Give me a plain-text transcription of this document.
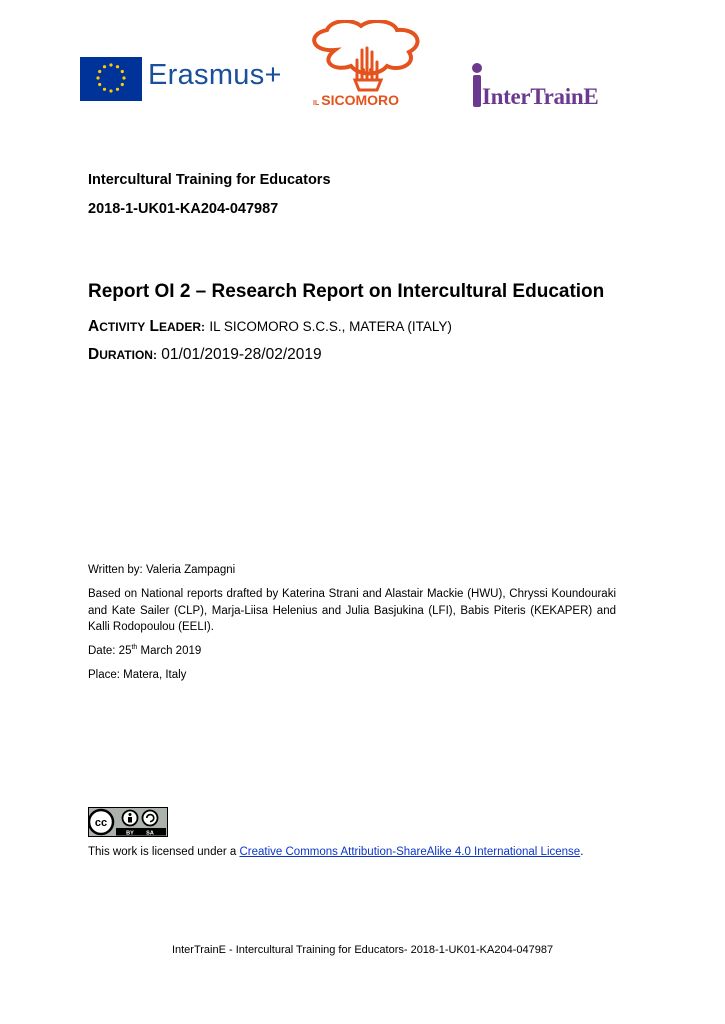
Erasmus+
IL SICOMORO	InterTrainE
Intercultural Training for Educators
2018-1-UK01-KA204-047987
Report OI 2 – Research Report on Intercultural Education
ACTIVITY LEADER: IL SICOMORO S.C.S., MATERA (ITALY)
DURATION: 01/01/2019-28/02/2019
Written by: Valeria Zampagni
Based on National reports drafted by Katerina Strani and Alastair Mackie (HWU), Chryssi Koundouraki and Kate Sailer (CLP), Marja-Liisa Helenius and Julia Basjukina (LFI), Babis Piteris (KEKAPER) and Kalli Rodopoulou (EELI).
Date: 25th March 2019
Place: Matera, Italy
cc
BY SA
This work is licensed under a Creative Commons Attribution-ShareAlike 4.0 International License.
InterTrainE - Intercultural Training for Educators- 2018-1-UK01-KA204-047987
